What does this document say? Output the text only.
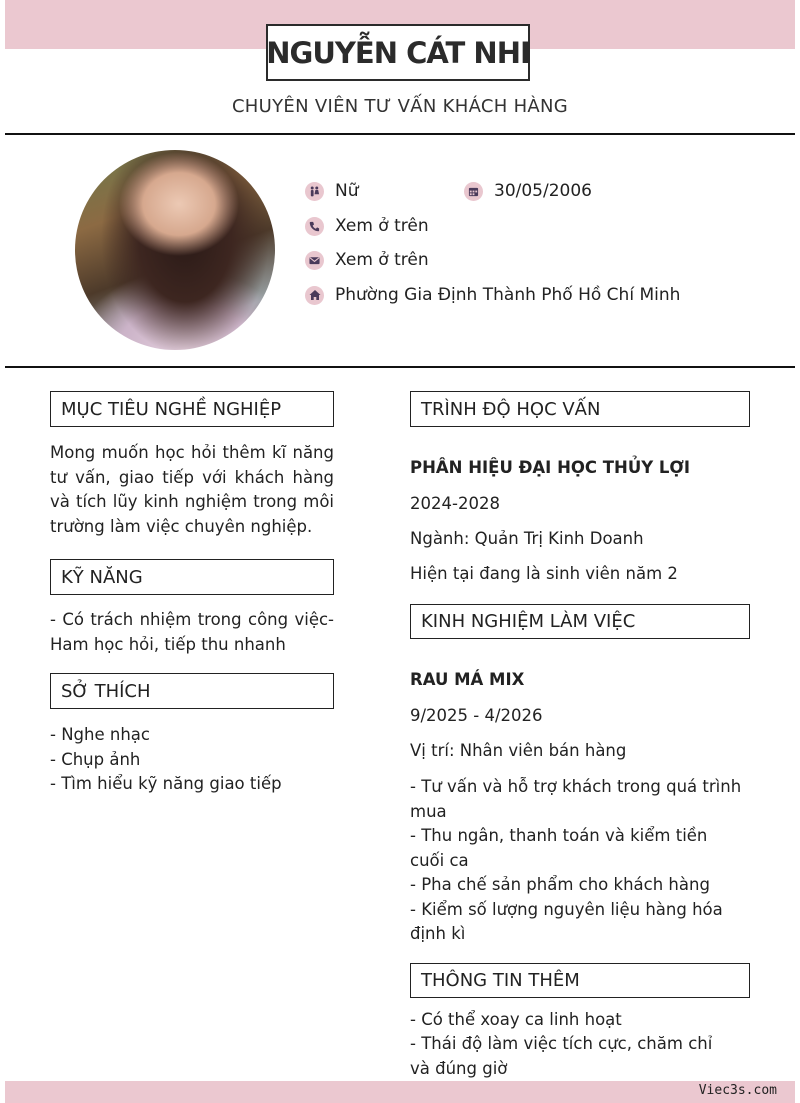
NGUYỄN CÁT NHI
CHUYÊN VIÊN TƯ VẤN KHÁCH HÀNG
Nữ	30/05/2006
Xem ở trên
Xem ở trên
Phường Gia Định Thành Phố Hồ Chí Minh
MỤC TIÊU NGHỀ NGHIỆP
Mong muốn học hỏi thêm kĩ năng tư vấn, giao tiếp với khách hàng và tích lũy kinh nghiệm trong môi trường làm việc chuyên nghiệp.
KỸ NĂNG
- Có trách nhiệm trong công việc- Ham học hỏi, tiếp thu nhanh
SỞ THÍCH
- Nghe nhạc
- Chụp ảnh
- Tìm hiểu kỹ năng giao tiếp
TRÌNH ĐỘ HỌC VẤN
PHÂN HIỆU ĐẠI HỌC THỦY LỢI
2024-2028
Ngành: Quản Trị Kinh Doanh
Hiện tại đang là sinh viên năm 2
KINH NGHIỆM LÀM VIỆC
RAU MÁ MIX
9/2025 - 4/2026
Vị trí: Nhân viên bán hàng
- Tư vấn và hỗ trợ khách trong quá trình mua
- Thu ngân, thanh toán và kiểm tiền cuối ca
- Pha chế sản phẩm cho khách hàng
- Kiểm số lượng nguyên liệu hàng hóa định kì
THÔNG TIN THÊM
- Có thể xoay ca linh hoạt
- Thái độ làm việc tích cực, chăm chỉ và đúng giờ
Viec3s.com
